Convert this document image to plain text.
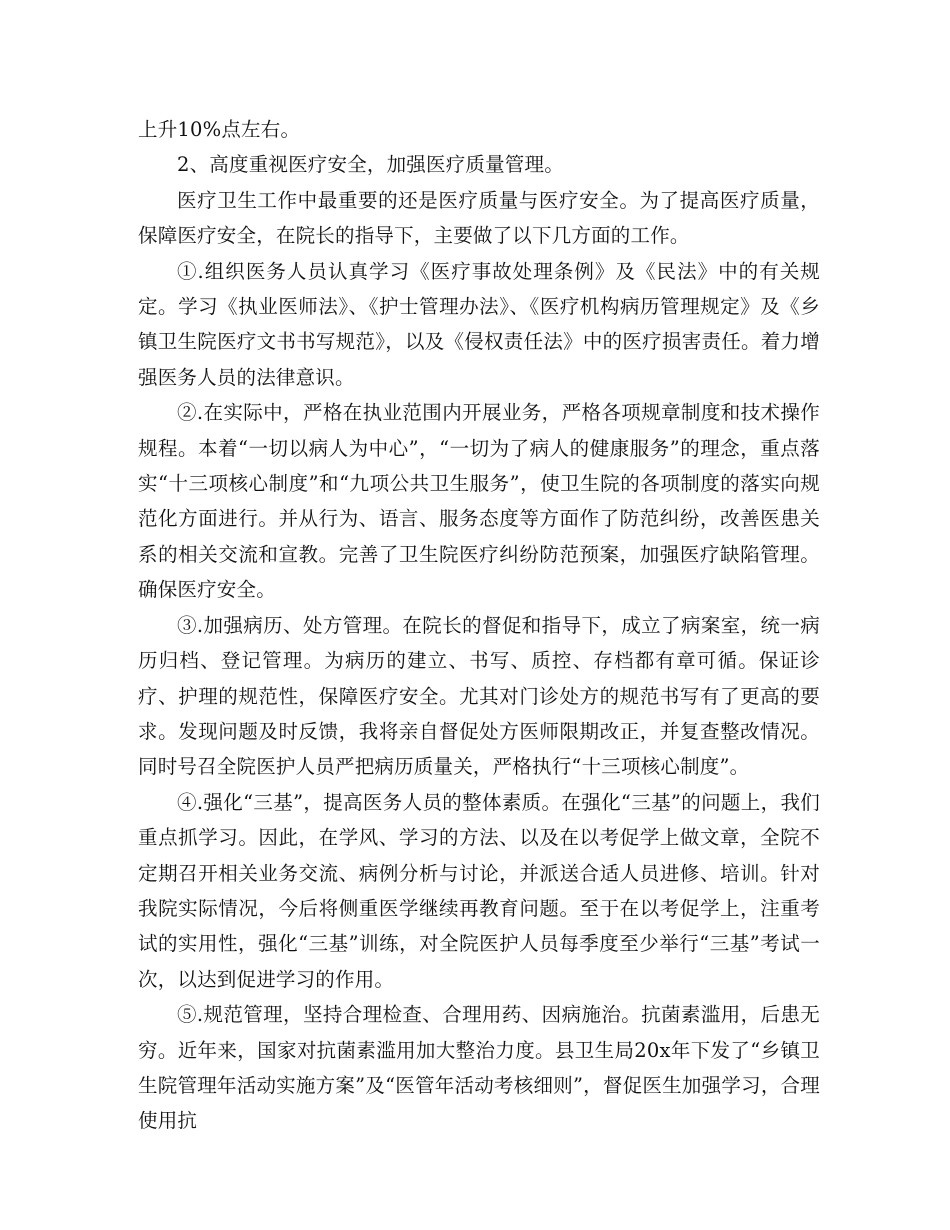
上升10%点左右。

2、高度重视医疗安全，加强医疗质量管理。

医疗卫生工作中最重要的还是医疗质量与医疗安全。为了提高医疗质量，保障医疗安全，在院长的指导下，主要做了以下几方面的工作。

①.组织医务人员认真学习《医疗事故处理条例》及《民法》中的有关规定。学习《执业医师法》、《护士管理办法》、《医疗机构病历管理规定》及《乡镇卫生院医疗文书书写规范》，以及《侵权责任法》中的医疗损害责任。着力增强医务人员的法律意识。

②.在实际中，严格在执业范围内开展业务，严格各项规章制度和技术操作规程。本着“一切以病人为中心”，“一切为了病人的健康服务”的理念，重点落实“十三项核心制度”和“九项公共卫生服务”，使卫生院的各项制度的落实向规范化方面进行。并从行为、语言、服务态度等方面作了防范纠纷，改善医患关系的相关交流和宣教。完善了卫生院医疗纠纷防范预案，加强医疗缺陷管理。确保医疗安全。

③.加强病历、处方管理。在院长的督促和指导下，成立了病案室，统一病历归档、登记管理。为病历的建立、书写、质控、存档都有章可循。保证诊疗、护理的规范性，保障医疗安全。尤其对门诊处方的规范书写有了更高的要求。发现问题及时反馈，我将亲自督促处方医师限期改正，并复查整改情况。同时号召全院医护人员严把病历质量关，严格执行“十三项核心制度”。

④.强化“三基”，提高医务人员的整体素质。在强化“三基”的问题上，我们重点抓学习。因此，在学风、学习的方法、以及在以考促学上做文章，全院不定期召开相关业务交流、病例分析与讨论，并派送合适人员进修、培训。针对我院实际情况，今后将侧重医学继续再教育问题。至于在以考促学上，注重考试的实用性，强化“三基”训练，对全院医护人员每季度至少举行“三基”考试一次，以达到促进学习的作用。

⑤.规范管理，坚持合理检查、合理用药、因病施治。抗菌素滥用，后患无穷。近年来，国家对抗菌素滥用加大整治力度。县卫生局20x年下发了“乡镇卫生院管理年活动实施方案”及“医管年活动考核细则”，督促医生加强学习，合理使用抗
